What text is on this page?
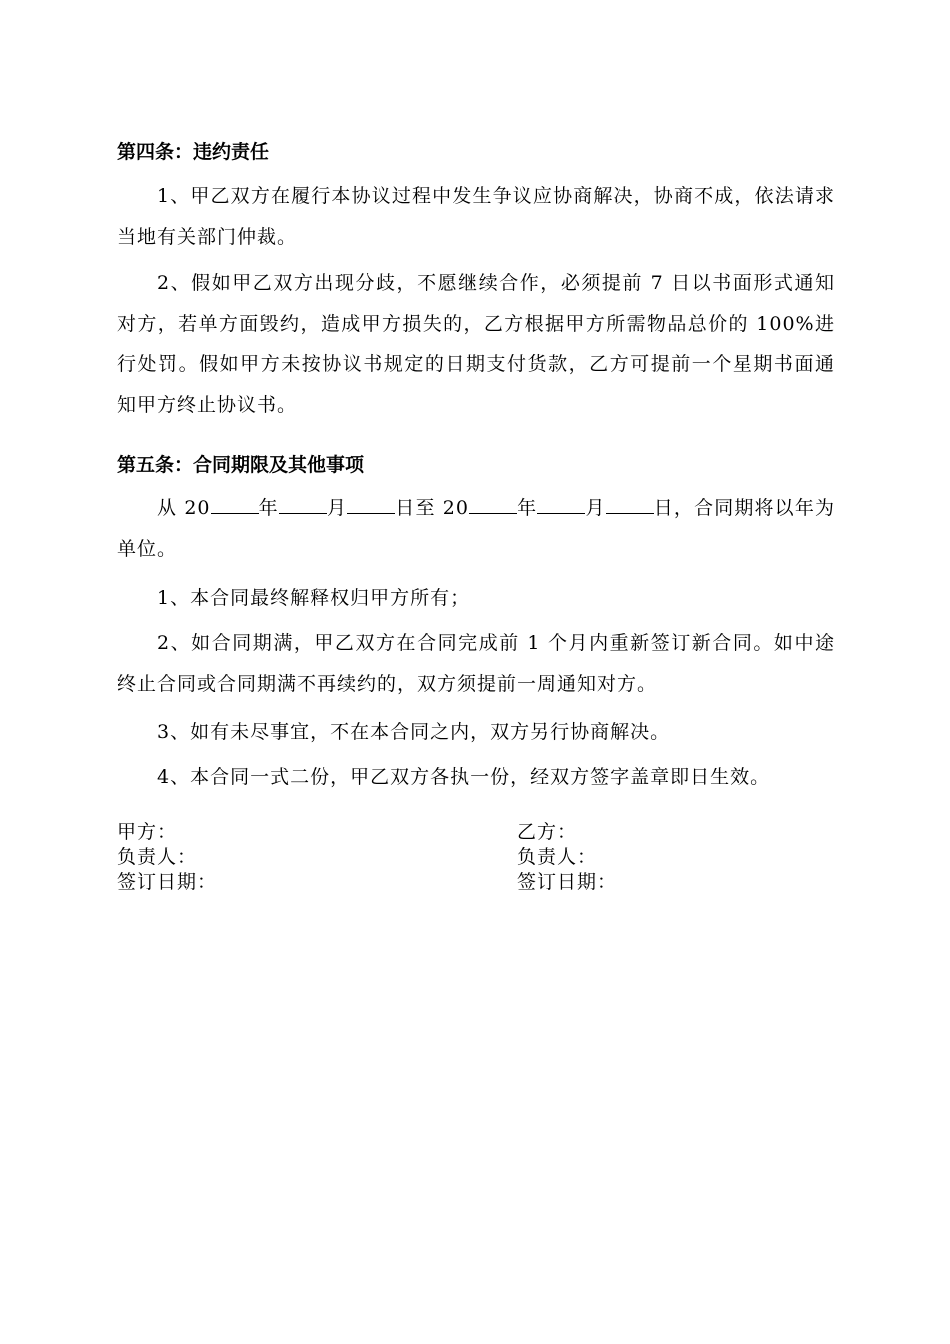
第四条：违约责任

1、甲乙双方在履行本协议过程中发生争议应协商解决，协商不成，依法请求当地有关部门仲裁。

2、假如甲乙双方出现分歧，不愿继续合作，必须提前 7 日以书面形式通知对方，若单方面毁约，造成甲方损失的，乙方根据甲方所需物品总价的 100%进行处罚。假如甲方未按协议书规定的日期支付货款，乙方可提前一个星期书面通知甲方终止协议书。

第五条：合同期限及其他事项

从 20	年	月	日至 20	年	月	日，合同期将以年为单位。

1、本合同最终解释权归甲方所有；

2、如合同期满，甲乙双方在合同完成前 1 个月内重新签订新合同。如中途终止合同或合同期满不再续约的，双方须提前一周通知对方。

3、如有未尽事宜，不在本合同之内，双方另行协商解决。

4、本合同一式二份，甲乙双方各执一份，经双方签字盖章即日生效。

甲方：
负责人：
签订日期：
乙方：
负责人：
签订日期：
